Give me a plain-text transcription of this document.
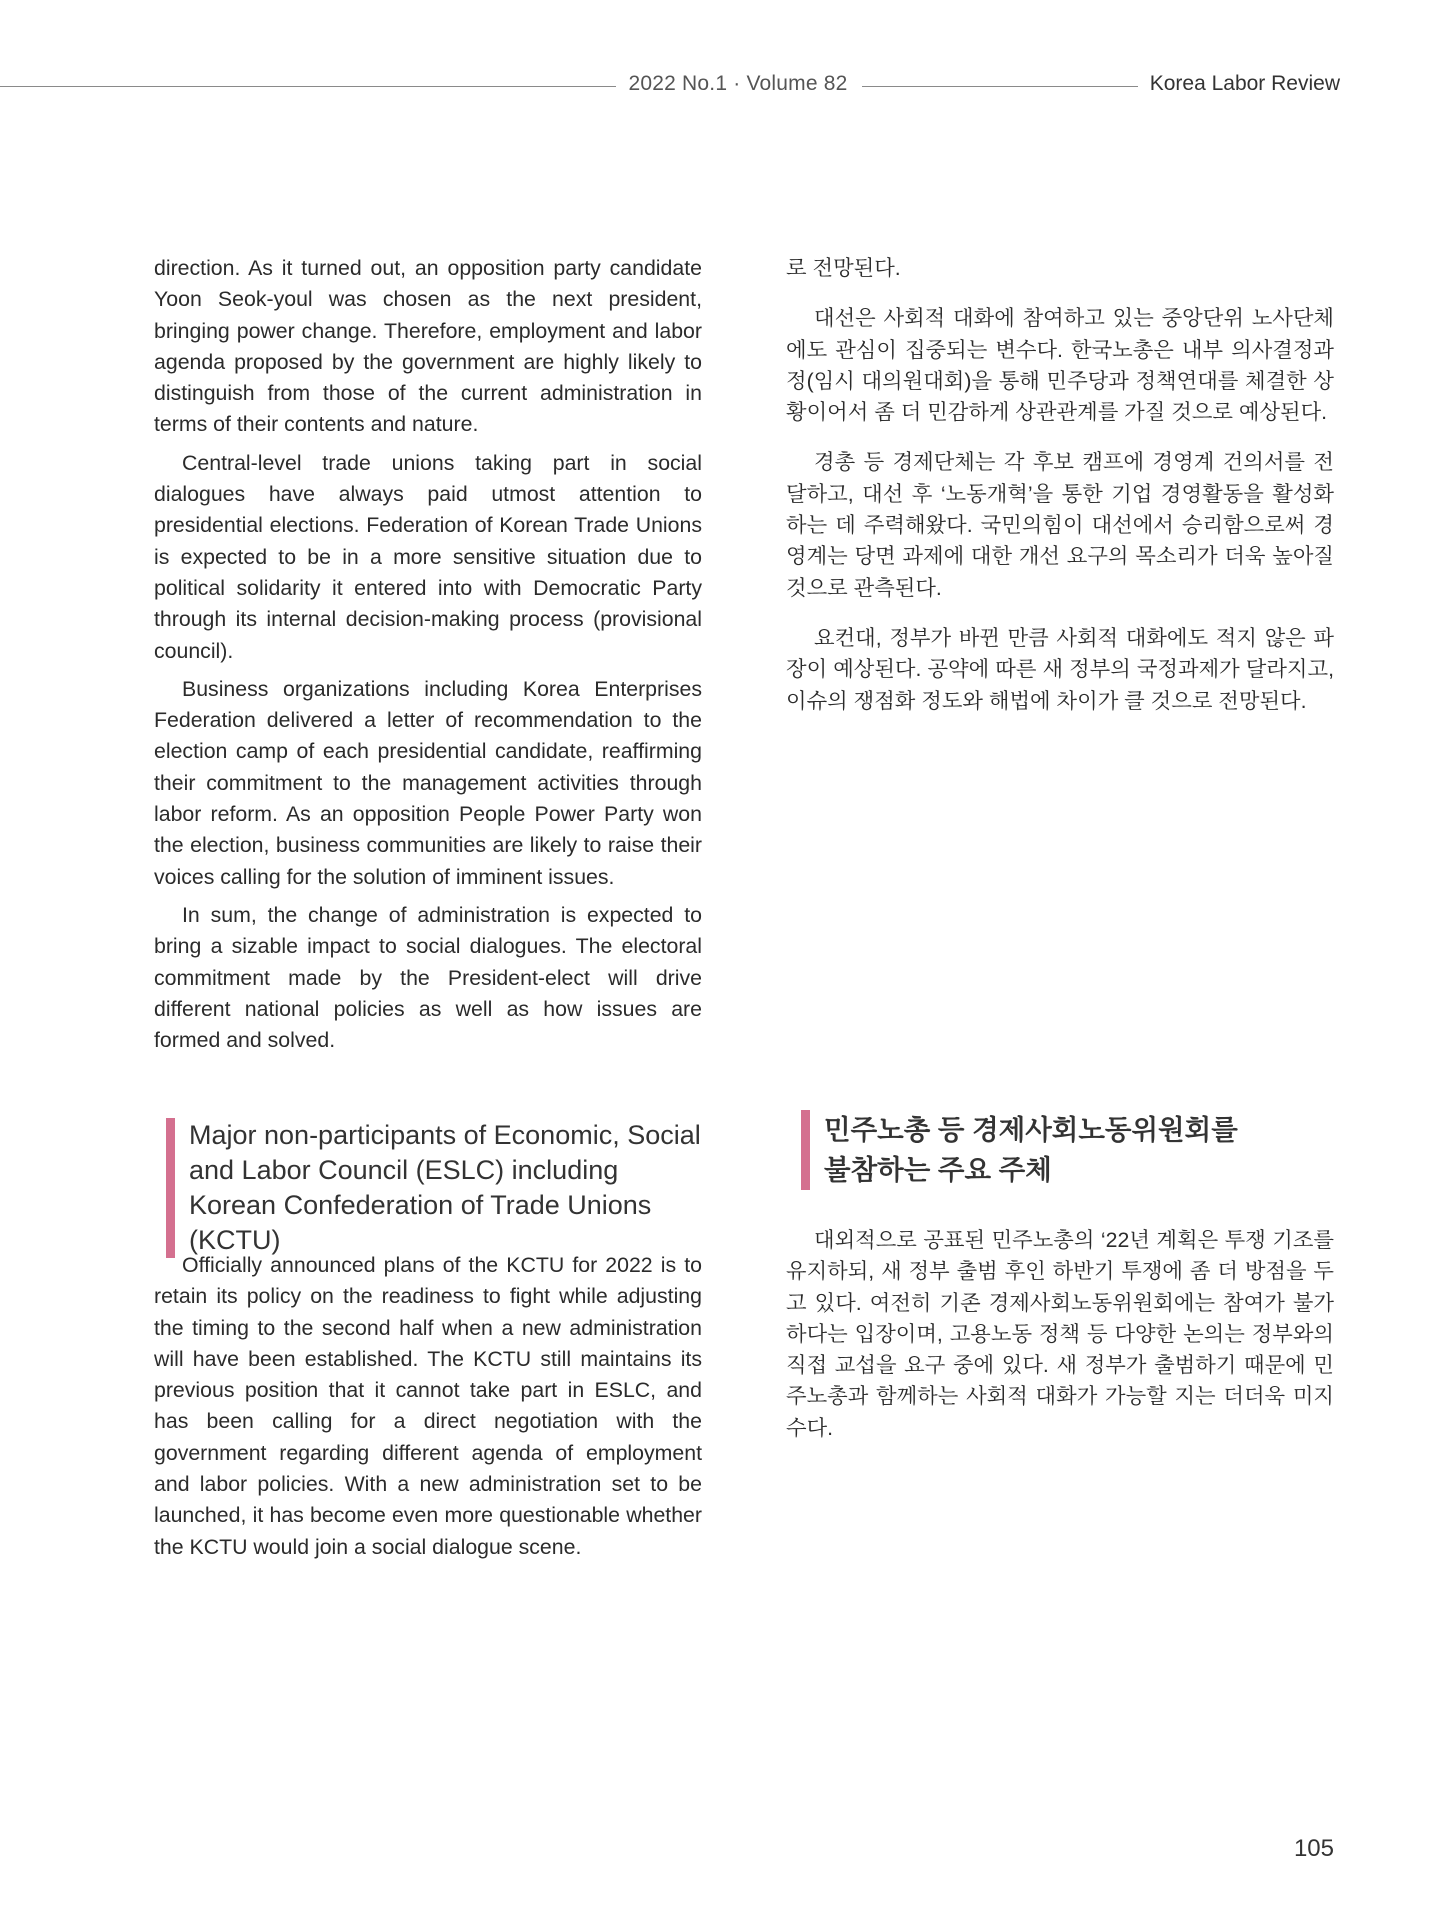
2022 No.1 · Volume 82	Korea Labor Review

direction. As it turned out, an opposition party candidate Yoon Seok-youl was chosen as the next president, bringing power change. Therefore, employment and labor agenda proposed by the government are highly likely to distinguish from those of the current administration in terms of their contents and nature.

Central-level trade unions taking part in social dialogues have always paid utmost attention to presidential elections. Federation of Korean Trade Unions is expected to be in a more sensitive situation due to political solidarity it entered into with Democratic Party through its internal decision-making process (provisional council).

Business organizations including Korea Enterprises Federation delivered a letter of recommendation to the election camp of each presidential candidate, reaffirming their commitment to the management activities through labor reform. As an opposition People Power Party won the election, business communities are likely to raise their voices calling for the solution of imminent issues.

In sum, the change of administration is expected to bring a sizable impact to social dialogues. The electoral commitment made by the President-elect will drive different national policies as well as how issues are formed and solved.

Major non-participants of Economic, Social and Labor Council (ESLC) including Korean Confederation of Trade Unions (KCTU)

Officially announced plans of the KCTU for 2022 is to retain its policy on the readiness to fight while adjusting the timing to the second half when a new administration will have been established. The KCTU still maintains its previous position that it cannot take part in ESLC, and has been calling for a direct negotiation with the government regarding different agenda of employment and labor policies. With a new administration set to be launched, it has become even more questionable whether the KCTU would join a social dialogue scene.

로 전망된다.

대선은 사회적 대화에 참여하고 있는 중앙단위 노사단체에도 관심이 집중되는 변수다. 한국노총은 내부 의사결정과정(임시 대의원대회)을 통해 민주당과 정책연대를 체결한 상황이어서 좀 더 민감하게 상관관계를 가질 것으로 예상된다.

경총 등 경제단체는 각 후보 캠프에 경영계 건의서를 전달하고, 대선 후 ‘노동개혁’을 통한 기업 경영활동을 활성화하는 데 주력해왔다. 국민의힘이 대선에서 승리함으로써 경영계는 당면 과제에 대한 개선 요구의 목소리가 더욱 높아질 것으로 관측된다.

요컨대, 정부가 바뀐 만큼 사회적 대화에도 적지 않은 파장이 예상된다. 공약에 따른 새 정부의 국정과제가 달라지고, 이슈의 쟁점화 정도와 해법에 차이가 클 것으로 전망된다.

민주노총 등 경제사회노동위원회를
불참하는 주요 주체

대외적으로 공표된 민주노총의 ‘22년 계획은 투쟁 기조를 유지하되, 새 정부 출범 후인 하반기 투쟁에 좀 더 방점을 두고 있다. 여전히 기존 경제사회노동위원회에는 참여가 불가하다는 입장이며, 고용노동 정책 등 다양한 논의는 정부와의 직접 교섭을 요구 중에 있다. 새 정부가 출범하기 때문에 민주노총과 함께하는 사회적 대화가 가능할 지는 더더욱 미지수다.

105
